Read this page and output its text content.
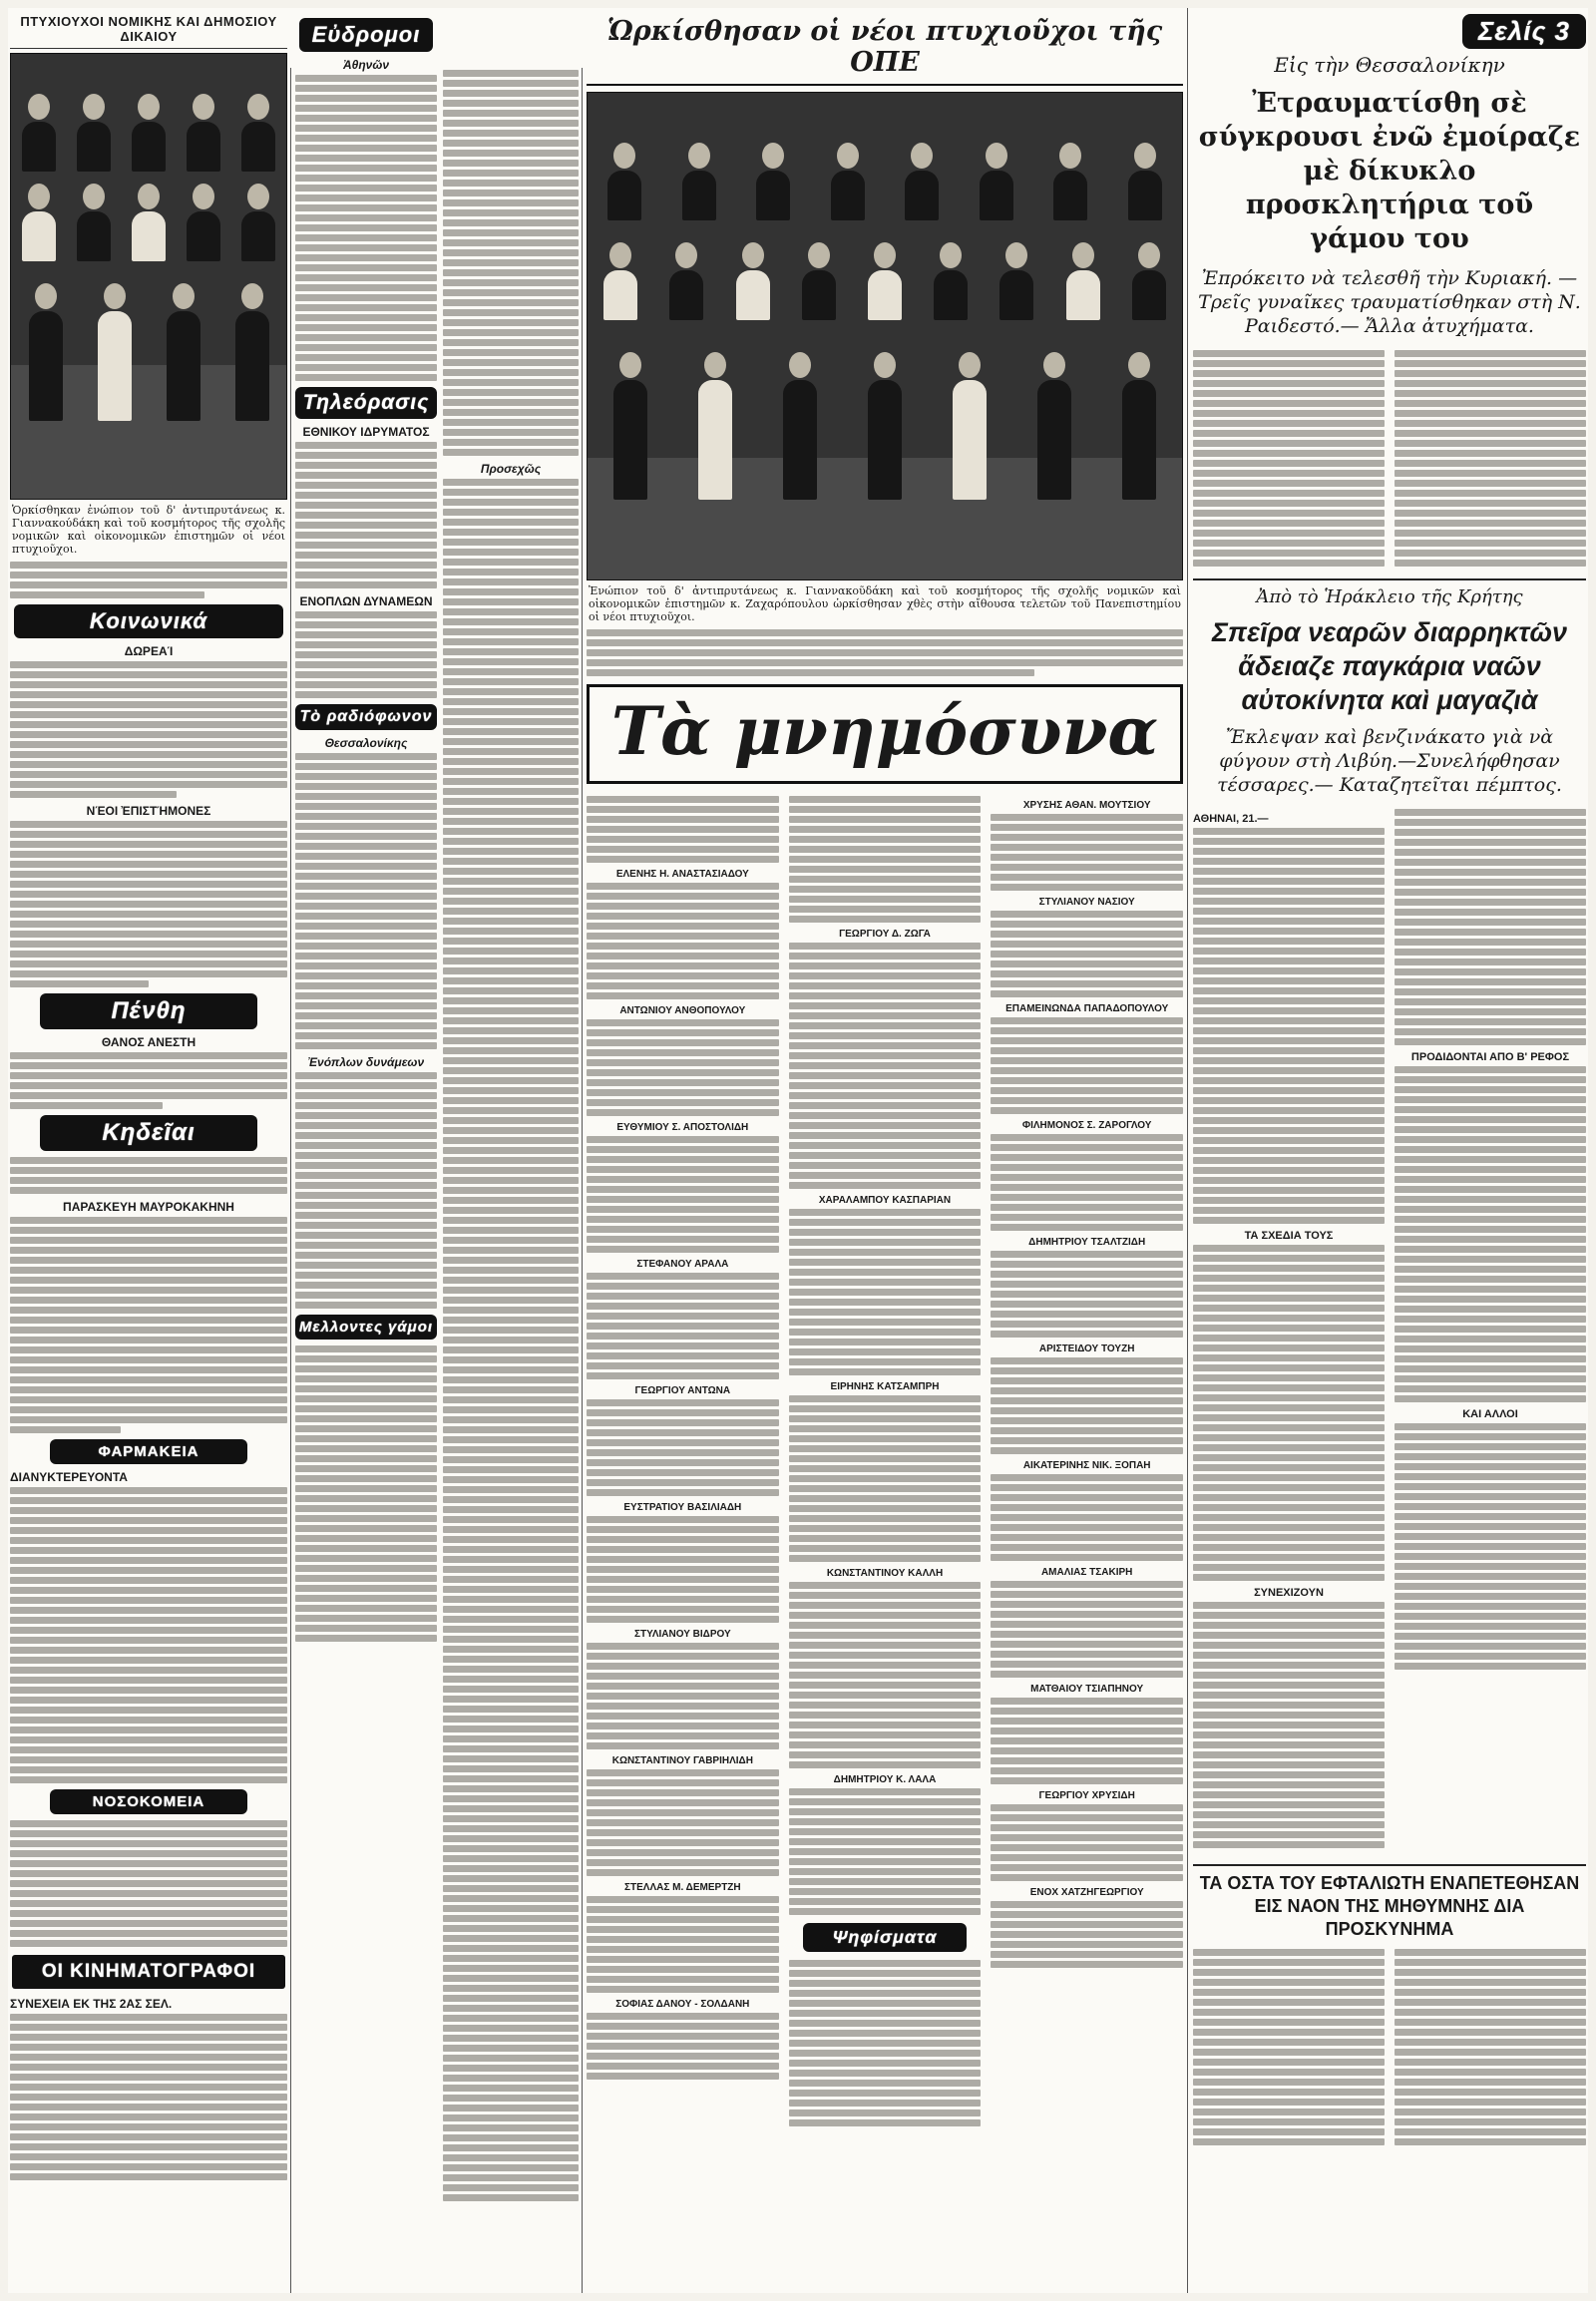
ΠΤΥΧΙΟΥΧΟΙ ΝΟΜΙΚΗΣ ΚΑΙ ΔΗΜΟΣΙΟΥ ΔΙΚΑΙΟΥ
Ὁρκίσθηκαν ἐνώπιον τοῦ δ' ἀντιπρυτάνεως κ. Γιαννακούδάκη καὶ τοῦ κοσμήτορος τῆς σχολῆς νομικῶν καὶ οἰκονομικῶν ἐπιστημῶν οἱ νέοι πτυχιοῦχοι.
Κοινωνικά
ΔΩΡΕΑΊ
ΝΈΟΙ ἘΠΙΣΤΉΜΟΝΕΣ
Πένθη
ΘΑΝΟΣ ΑΝΕΣΤΗ
Κηδεῖαι
ΠΑΡΑΣΚΕΥΗ ΜΑΥΡΟΚΑΚΗΝΗ
ΦΑΡΜΑΚΕΙΑ
ΔΙΑΝΥΚΤΕΡΕΥΟΝΤΑ
ΝΟΣΟΚΟΜΕΙΑ
ΟΙ ΚΙΝΗΜΑΤΟΓΡΑΦΟΙ
ΣΥΝΕΧΕΙΑ ΕΚ ΤΗΣ 2ΑΣ ΣΕΛ.
Εὐδρομοι
Ἀθηνῶν
Τηλεόρασις
ΕΘΝΙΚΟΥ ΙΔΡΥΜΑΤΟΣ
ΕΝΟΠΛΩΝ ΔΥΝΑΜΕΩΝ
Τὸ ραδιόφωνον
Θεσσαλονίκης
Ἐνόπλων δυνάμεων
Μελλοντες γάμοι
Προσεχῶς
Ὡρκίσθησαν οἱ νέοι πτυχιοῦχοι τῆς ΟΠΕ
Ἐνώπιον τοῦ δ' ἀντιπρυτάνεως κ. Γιαννακοῦδάκη καὶ τοῦ κοσμήτορος τῆς σχολῆς νομικῶν καὶ οἰκονομικῶν ἐπιστημῶν κ. Ζαχαρόπουλου ὡρκίσθησαν χθὲς στὴν αἴθουσα τελετῶν τοῦ Πανεπιστημίου οἱ νέοι πτυχιοῦχοι.
Τὰ μνημόσυνα
ΕΛΕΝΗΣ Η. ΑΝΑΣΤΑΣΙΑΔΟΥ
ΑΝΤΩΝΙΟΥ ΑΝΘΟΠΟΥΛΟΥ
ΕΥΘΥΜΙΟΥ Σ. ΑΠΟΣΤΟΛΙΔΗ
ΣΤΕΦΑΝΟΥ ΑΡΑΛΑ
ΓΕΩΡΓΙΟΥ ΑΝΤΩΝΑ
ΕΥΣΤΡΑΤΙΟΥ ΒΑΣΙΛΙΑΔΗ
ΣΤΥΛΙΑΝΟΥ ΒΙΔΡΟΥ
ΚΩΝΣΤΑΝΤΙΝΟΥ ΓΑΒΡΙΗΛΙΔΗ
ΣΤΕΛΛΑΣ Μ. ΔΕΜΕΡΤΖΗ
ΣΟΦΙΑΣ ΔΑΝΟΥ - ΣΟΛΔΑΝΗ
ΓΕΩΡΓΙΟΥ Δ. ΖΩΓΑ
ΧΑΡΑΛΑΜΠΟΥ ΚΑΣΠΑΡΙΑΝ
ΕΙΡΗΝΗΣ ΚΑΤΣΑΜΠΡΗ
ΚΩΝΣΤΑΝΤΙΝΟΥ ΚΑΛΛΗ
ΔΗΜΗΤΡΙΟΥ Κ. ΛΑΛΑ
Ψηφίσματα
ΧΡΥΣΗΣ ΑΘΑΝ. ΜΟΥΤΣΙΟΥ
ΣΤΥΛΙΑΝΟΥ ΝΑΣΙΟΥ
ΕΠΑΜΕΙΝΩΝΔΑ ΠΑΠΑΔΟΠΟΥΛΟΥ
ΦΙΛΗΜΟΝΟΣ Σ. ΖΑΡΟΓΛΟΥ
ΔΗΜΗΤΡΙΟΥ ΤΣΑΛΤΖΙΔΗ
ΑΡΙΣΤΕΙΔΟΥ ΤΟΥΖΗ
ΑΙΚΑΤΕΡΙΝΗΣ ΝΙΚ. ΞΟΠΑΗ
ΑΜΑΛΙΑΣ ΤΣΑΚΙΡΗ
ΜΑΤΘΑΙΟΥ ΤΣΙΑΠΗΝΟΥ
ΓΕΩΡΓΙΟΥ ΧΡΥΣΙΔΗ
ΕΝΟΧ ΧΑΤΖΗΓΕΩΡΓΙΟΥ
Σελίς 3
Εἰς τὴν Θεσσαλονίκην
Ἐτραυματίσθη σὲ σύγκρουσι ἐνῶ ἐμοίραζε μὲ δίκυκλο προσκλητήρια τοῦ γάμου του
Ἐπρόκειτο νὰ τελεσθῆ τὴν Κυριακή. — Τρεῖς γυναῖκες τραυματίσθηκαν στὴ Ν. Ραιδεστό.— Ἄλλα ἀτυχήματα.
Ἀπὸ τὸ Ἡράκλειο τῆς Κρήτης
Σπεῖρα νεαρῶν διαρρηκτῶν ἄδειαζε παγκάρια ναῶν αὐτοκίνητα καὶ μαγαζιὰ
Ἔκλεψαν καὶ βενζινάκατο γιὰ νὰ φύγουν στὴ Λιβύη.—Συνελήφθησαν τέσσαρες.— Καταζητεῖται πέμπτος.
ΑΘΗΝΑΙ, 21.—
ΤΑ ΣΧΕΔΙΑ ΤΟΥΣ
ΣΥΝΕΧΙΖΟΥΝ
ΠΡΟΔΙΔΟΝΤΑΙ ΑΠΟ Β' ΡΕΦΟΣ
ΚΑΙ ΑΛΛΟΙ
ΤΑ ΟΣΤΑ ΤΟΥ ΕΦΤΑΛΙΩΤΗ ΕΝΑΠΕΤΕΘΗΣΑΝ ΕΙΣ ΝΑΟΝ ΤΗΣ ΜΗΘΥΜΝΗΣ ΔΙΑ ΠΡΟΣΚΥΝΗΜΑ
